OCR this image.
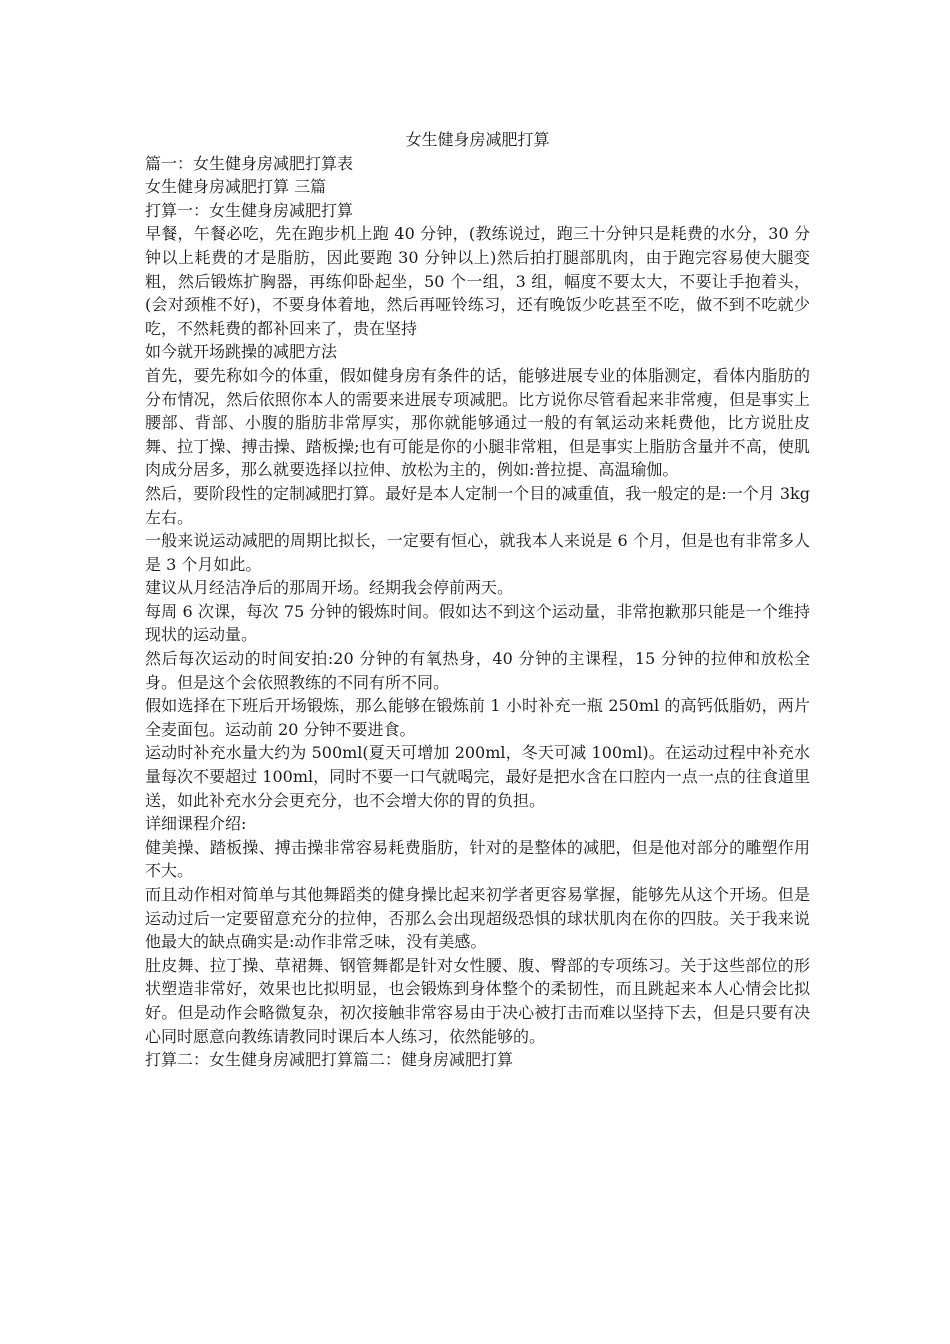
女生健身房减肥打算

篇一：女生健身房减肥打算表

女生健身房减肥打算 三篇

打算一：女生健身房减肥打算

早餐，午餐必吃，先在跑步机上跑 40 分钟，(教练说过，跑三十分钟只是耗费的水分，30 分钟以上耗费的才是脂肪，因此要跑 30 分钟以上)然后拍打腿部肌肉，由于跑完容易使大腿变粗，然后锻炼扩胸器，再练仰卧起坐，50 个一组，3 组，幅度不要太大，不要让手抱着头，(会对颈椎不好)，不要身体着地，然后再哑铃练习，还有晚饭少吃甚至不吃，做不到不吃就少吃，不然耗费的都补回来了，贵在坚持

如今就开场跳操的减肥方法

首先，要先称如今的体重，假如健身房有条件的话，能够进展专业的体脂测定，看体内脂肪的分布情况，然后依照你本人的需要来进展专项减肥。比方说你尽管看起来非常瘦，但是事实上腰部、背部、小腹的脂肪非常厚实，那你就能够通过一般的有氧运动来耗费他，比方说肚皮舞、拉丁操、搏击操、踏板操;也有可能是你的小腿非常粗，但是事实上脂肪含量并不高，使肌肉成分居多，那么就要选择以拉伸、放松为主的，例如:普拉提、高温瑜伽。

然后，要阶段性的定制减肥打算。最好是本人定制一个目的减重值，我一般定的是:一个月 3kg 左右。

一般来说运动减肥的周期比拟长，一定要有恒心，就我本人来说是 6 个月，但是也有非常多人是 3 个月如此。

建议从月经洁净后的那周开场。经期我会停前两天。

每周 6 次课，每次 75 分钟的锻炼时间。假如达不到这个运动量，非常抱歉那只能是一个维持现状的运动量。

然后每次运动的时间安拍:20 分钟的有氧热身，40 分钟的主课程，15 分钟的拉伸和放松全身。但是这个会依照教练的不同有所不同。

假如选择在下班后开场锻炼，那么能够在锻炼前 1 小时补充一瓶 250ml 的高钙低脂奶，两片全麦面包。运动前 20 分钟不要进食。

运动时补充水量大约为 500ml(夏天可增加 200ml，冬天可减 100ml)。在运动过程中补充水量每次不要超过 100ml，同时不要一口气就喝完，最好是把水含在口腔内一点一点的往食道里送，如此补充水分会更充分，也不会增大你的胃的负担。

详细课程介绍:

健美操、踏板操、搏击操非常容易耗费脂肪，针对的是整体的减肥，但是他对部分的雕塑作用不大。

而且动作相对简单与其他舞蹈类的健身操比起来初学者更容易掌握，能够先从这个开场。但是运动过后一定要留意充分的拉伸，否那么会出现超级恐惧的球状肌肉在你的四肢。关于我来说他最大的缺点确实是:动作非常乏味，没有美感。

肚皮舞、拉丁操、草裙舞、钢管舞都是针对女性腰、腹、臀部的专项练习。关于这些部位的形状塑造非常好，效果也比拟明显，也会锻炼到身体整个的柔韧性，而且跳起来本人心情会比拟好。但是动作会略微复杂，初次接触非常容易由于决心被打击而难以坚持下去，但是只要有决心同时愿意向教练请教同时课后本人练习，依然能够的。

打算二：女生健身房减肥打算篇二：健身房减肥打算
